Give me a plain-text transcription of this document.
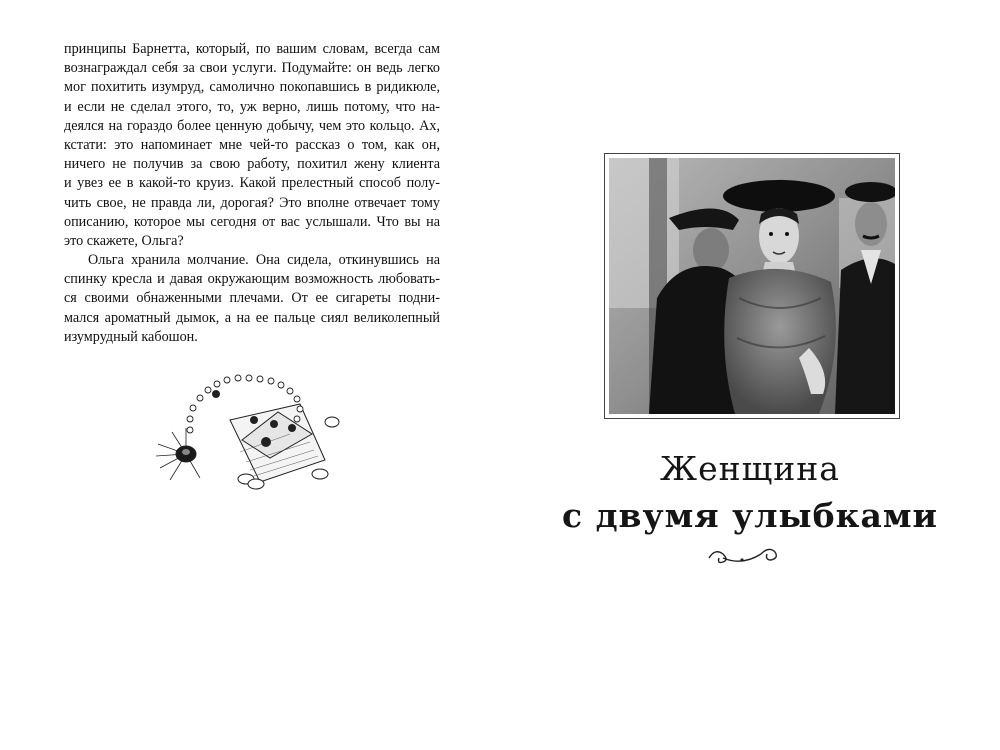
принципы Барнетта, который, по вашим словам, всегда сам
вознаграждал себя за свои услуги. Подумайте: он ведь легко
мог похитить изумруд, самолично покопавшись в ридикюле,
и если не сделал этого, то, уж верно, лишь потому, что на-
деялся на гораздо более ценную добычу, чем это кольцо. Ах,
кстати: это напоминает мне чей-то рассказ о том, как он,
ничего не получив за свою работу, похитил жену клиента
и увез ее в какой-то круиз. Какой прелестный способ полу-
чить свое, не правда ли, дорогая? Это вполне отвечает тому
описанию, которое мы сегодня от вас услышали. Что вы на
это скажете, Ольга?
Ольга хранила молчание. Она сидела, откинувшись на
спинку кресла и давая окружающим возможность любовать-
ся своими обнаженными плечами. От ее сигареты подни-
мался ароматный дымок, а на ее пальце сиял великолепный
изумрудный кабошон.
Женщина
с двумя улыбками
